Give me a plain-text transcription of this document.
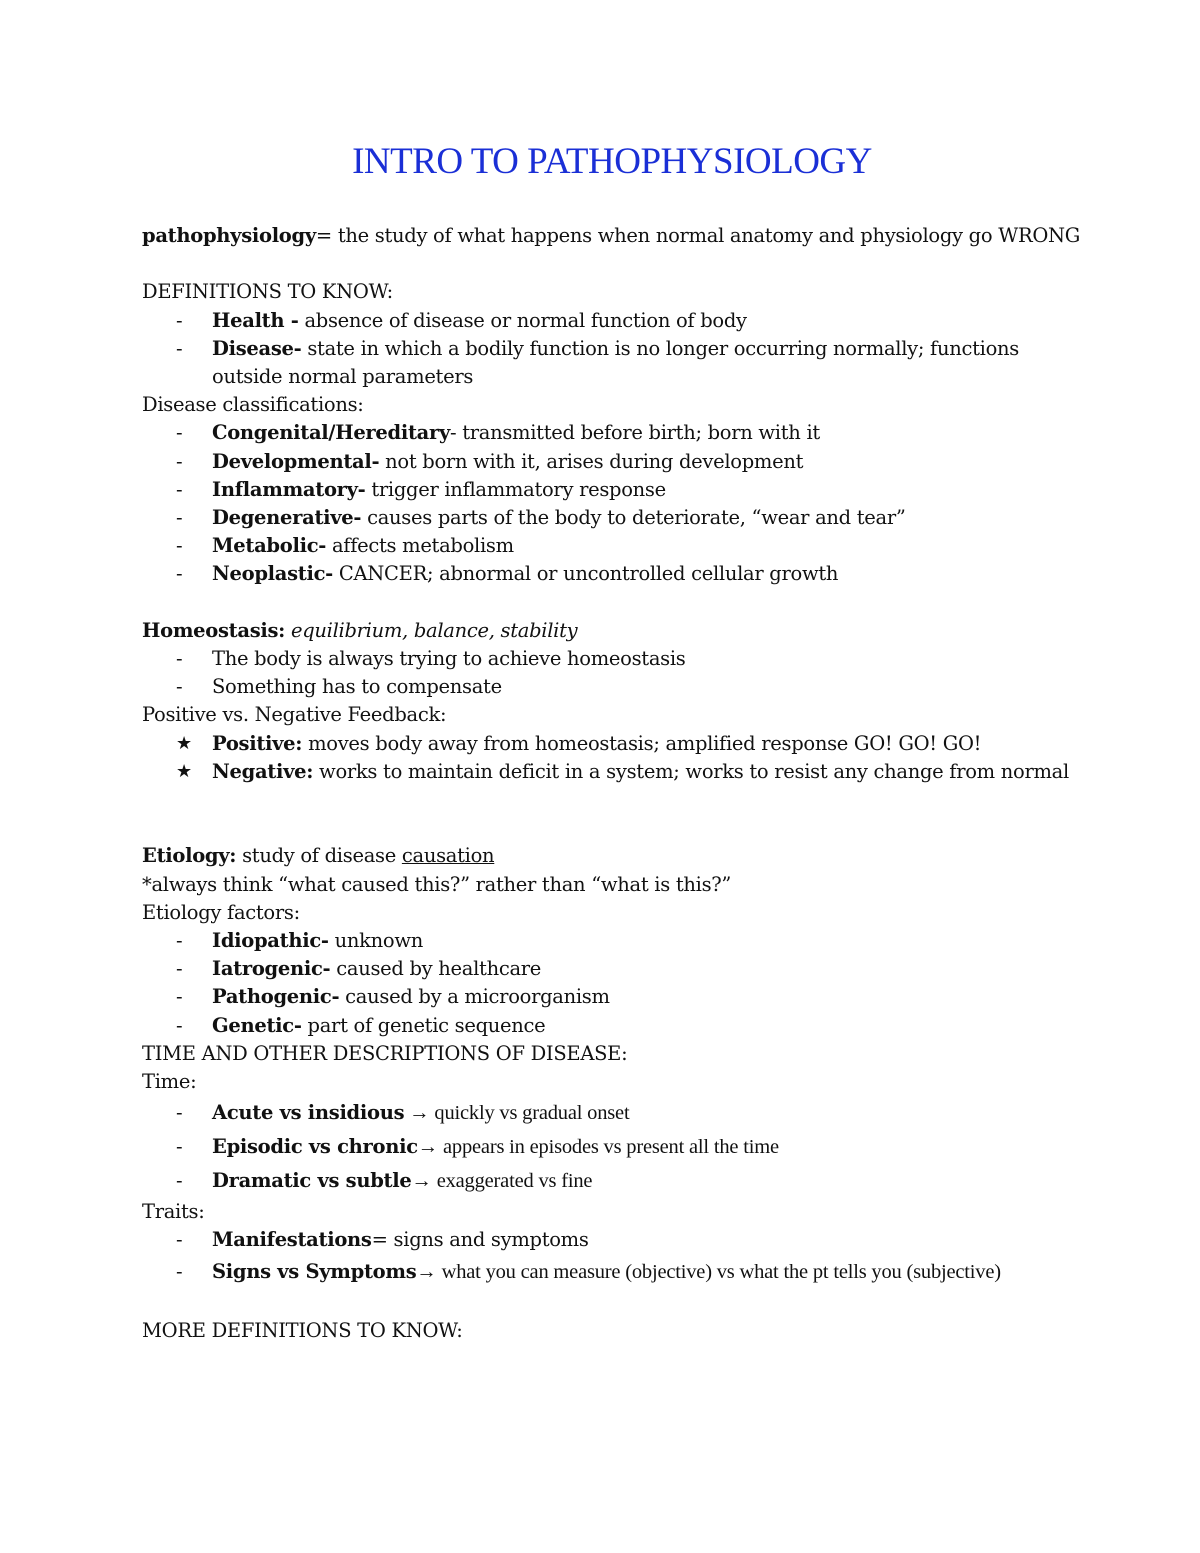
INTRO TO PATHOPHYSIOLOGY

pathophysiology= the study of what happens when normal anatomy and physiology go WRONG

DEFINITIONS TO KNOW:

-	Health - absence of disease or normal function of body
-	Disease- state in which a bodily function is no longer occurring normally; functions outside normal parameters

Disease classifications:

-	Congenital/Hereditary- transmitted before birth; born with it
-	Developmental- not born with it, arises during development
-	Inflammatory- trigger inflammatory response
-	Degenerative- causes parts of the body to deteriorate, “wear and tear”
-	Metabolic- affects metabolism
-	Neoplastic- CANCER; abnormal or uncontrolled cellular growth

Homeostasis: equilibrium, balance, stability

-	The body is always trying to achieve homeostasis
-	Something has to compensate

Positive vs. Negative Feedback:

★ Positive: moves body away from homeostasis; amplified response GO! GO! GO!
★ Negative: works to maintain deficit in a system; works to resist any change from normal

Etiology: study of disease causation

*always think “what caused this?” rather than “what is this?”

Etiology factors:

-	Idiopathic- unknown
-	Iatrogenic- caused by healthcare
-	Pathogenic- caused by a microorganism
-	Genetic- part of genetic sequence

TIME AND OTHER DESCRIPTIONS OF DISEASE:

Time:

-	Acute vs insidious → quickly vs gradual onset
-	Episodic vs chronic→ appears in episodes vs present all the time
-	Dramatic vs subtle→ exaggerated vs fine

Traits:

-	Manifestations= signs and symptoms
-	Signs vs Symptoms→ what you can measure (objective) vs what the pt tells you (subjective)

MORE DEFINITIONS TO KNOW:
